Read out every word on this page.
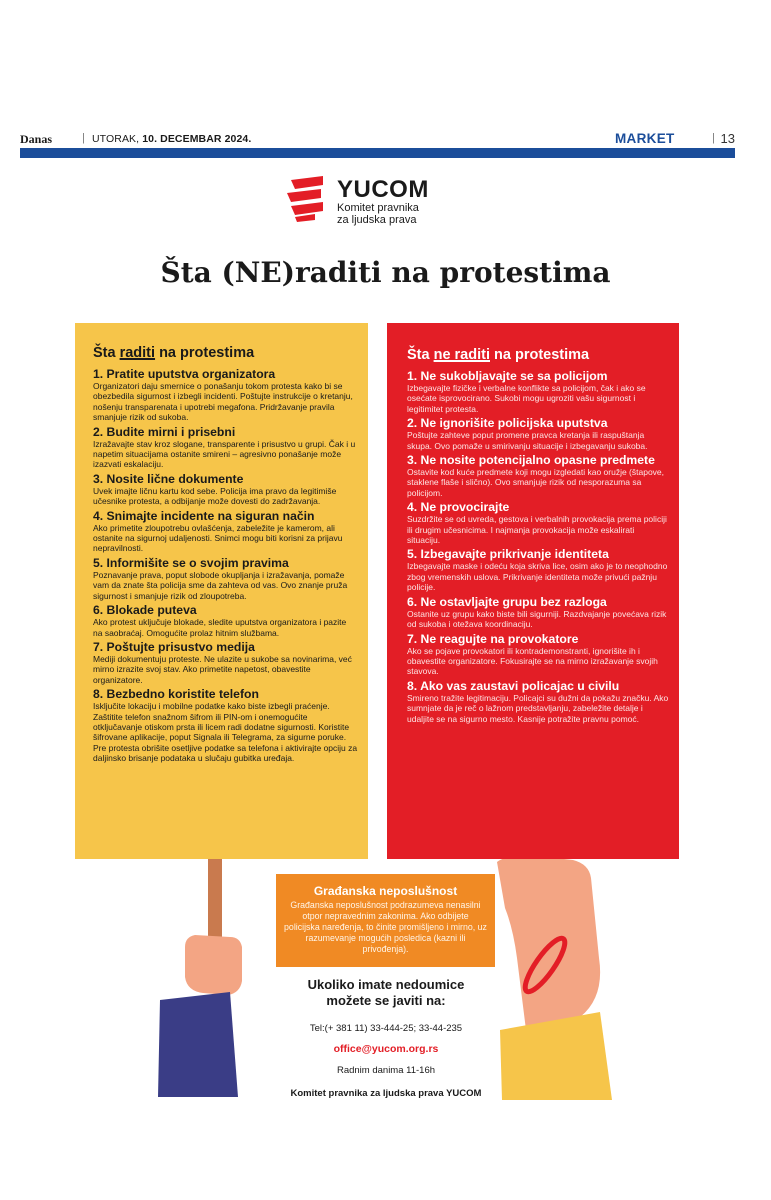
Danas	| UTORAK, 10. DECEMBAR 2024.	MARKET	| 13
YUCOM
Komitet pravnika
za ljudska prava
Šta (NE)raditi na protestima
Šta raditi na protestima
1. Pratite uputstva organizatora

Organizatori daju smernice o ponašanju tokom protesta kako bi se obezbedila sigurnost i izbegli incidenti. Poštujte instrukcije o kretanju, nošenju transparenata i upotrebi megafona. Pridržavanje pravila smanjuje rizik od sukoba.

2. Budite mirni i prisebni

Izražavajte stav kroz slogane, transparente i prisustvo u grupi. Čak i u napetim situacijama ostanite smireni – agresivno ponašanje može izazvati eskalaciju.

3. Nosite lične dokumente

Uvek imajte ličnu kartu kod sebe. Policija ima pravo da legitimiše učesnike protesta, a odbijanje može dovesti do zadržavanja.

4. Snimajte incidente na siguran način

Ako primetite zloupotrebu ovlašćenja, zabeležite je kamerom, ali ostanite na sigurnoj udaljenosti. Snimci mogu biti korisni za prijavu nepravilnosti.

5. Informišite se o svojim pravima

Poznavanje prava, poput slobode okupljanja i izražavanja, pomaže vam da znate šta policija sme da zahteva od vas. Ovo znanje pruža sigurnost i smanjuje rizik od zloupotreba.

6. Blokade puteva

Ako protest uključuje blokade, sledite uputstva organizatora i pazite na saobraćaj. Omogućite prolaz hitnim službama.

7. Poštujte prisustvo medija

Mediji dokumentuju proteste. Ne ulazite u sukobe sa novinarima, već mirno izrazite svoj stav. Ako primetite napetost, obavestite organizatore.

8. Bezbedno koristite telefon

Isključite lokaciju i mobilne podatke kako biste izbegli praćenje. Zaštitite telefon snažnom šifrom ili PIN-om i onemogućite otključavanje otiskom prsta ili licem radi dodatne sigurnosti. Koristite šifrovane aplikacije, poput Signala ili Telegrama, za sigurne poruke. Pre protesta obrišite osetljive podatke sa telefona i aktivirajte opciju za daljinsko brisanje podataka u slučaju gubitka uređaja.

Šta ne raditi na protestima
1. Ne sukobljavajte se sa policijom

Izbegavajte fizičke i verbalne konflikte sa policijom, čak i ako se osećate isprovocirano. Sukobi mogu ugroziti vašu sigurnost i legitimitet protesta.

2. Ne ignorišite policijska uputstva

Poštujte zahteve poput promene pravca kretanja ili raspuštanja skupa. Ovo pomaže u smirivanju situacije i izbegavanju sukoba.

3. Ne nosite potencijalno opasne predmete

Ostavite kod kuće predmete koji mogu izgledati kao oružje (štapove, staklene flaše i slično). Ovo smanjuje rizik od nesporazuma sa policijom.

4. Ne provocirajte

Suzdržite se od uvreda, gestova i verbalnih provokacija prema policiji ili drugim učesnicima. I najmanja provokacija može eskalirati situaciju.

5. Izbegavajte prikrivanje identiteta

Izbegavajte maske i odeću koja skriva lice, osim ako je to neophodno zbog vremenskih uslova. Prikrivanje identiteta može privući pažnju policije.

6. Ne ostavljajte grupu bez razloga

Ostanite uz grupu kako biste bili sigurniji. Razdvajanje povećava rizik od sukoba i otežava koordinaciju.

7. Ne reagujte na provokatore

Ako se pojave provokatori ili kontrademonstranti, ignorišite ih i obavestite organizatore. Fokusirajte se na mirno izražavanje svojih stavova.

8. Ako vas zaustavi policajac u civilu

Smireno tražite legitimaciju. Policajci su dužni da pokažu značku. Ako sumnjate da je reč o lažnom predstavljanju, zabeležite detalje i udaljite se na sigurno mesto. Kasnije potražite pravnu pomoć.

Građanska neposlušnost

Građanska neposlušnost podrazumeva nenasilni otpor nepravednim zakonima. Ako odbijete policijska naređenja, to činite promišljeno i mirno, uz razumevanje mogućih posledica (kazni ili privođenja).

Ukoliko imate nedoumice

možete se javiti na:

Tel:(+ 381 11) 33-444-25; 33-44-235

office@yucom.org.rs

Radnim danima 11-16h

Komitet pravnika za ljudska prava YUCOM
